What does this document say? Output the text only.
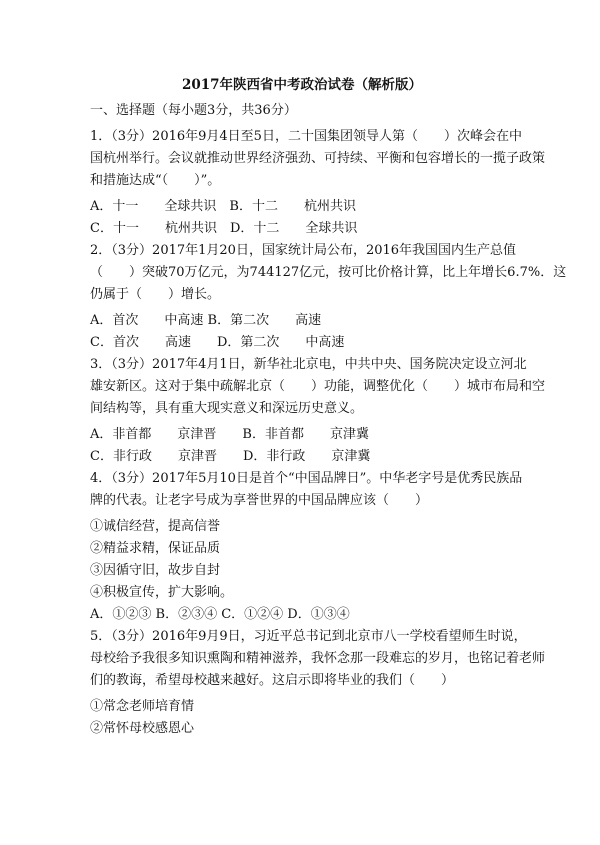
2017年陕西省中考政治试卷（解析版）
一、选择题（每小题3分，共36分）
1．（3分）2016年9月4日至5日，二十国集团领导人第（　　）次峰会在中
国杭州举行。会议就推动世界经济强劲、可持续、平衡和包容增长的一揽子政策
和措施达成“（　　）”。
A．十一　　全球共识　B．十二　　杭州共识
C．十一　　杭州共识　D．十二　　全球共识
2．（3分）2017年1月20日，国家统计局公布，2016年我国国内生产总值
（　　）突破70万亿元，为744127亿元，按可比价格计算，比上年增长6.7%．这
仍属于（　　）增长。
A．首次　　中高速 B．第二次　　高速
C．首次　　高速　　D．第二次　　中高速
3．（3分）2017年4月1日，新华社北京电，中共中央、国务院决定设立河北
雄安新区。这对于集中疏解北京（　　）功能，调整优化（　　）城市布局和空
间结构等，具有重大现实意义和深远历史意义。
A．非首都　　京津晋　　B．非首都　　京津冀
C．非行政　　京津晋　　D．非行政　　京津冀
4．（3分）2017年5月10日是首个“中国品牌日”。中华老字号是优秀民族品
牌的代表。让老字号成为享誉世界的中国品牌应该（　　）
①诚信经营，提高信誉
②精益求精，保证品质
③因循守旧，故步自封
④积极宣传，扩大影响。
A．①②③ B．②③④ C．①②④ D．①③④
5．（3分）2016年9月9日，习近平总书记到北京市八一学校看望师生时说，
母校给予我很多知识熏陶和精神滋养，我怀念那一段难忘的岁月，也铭记着老师
们的教诲，希望母校越来越好。这启示即将毕业的我们（　　）
①常念老师培育情
②常怀母校感恩心
